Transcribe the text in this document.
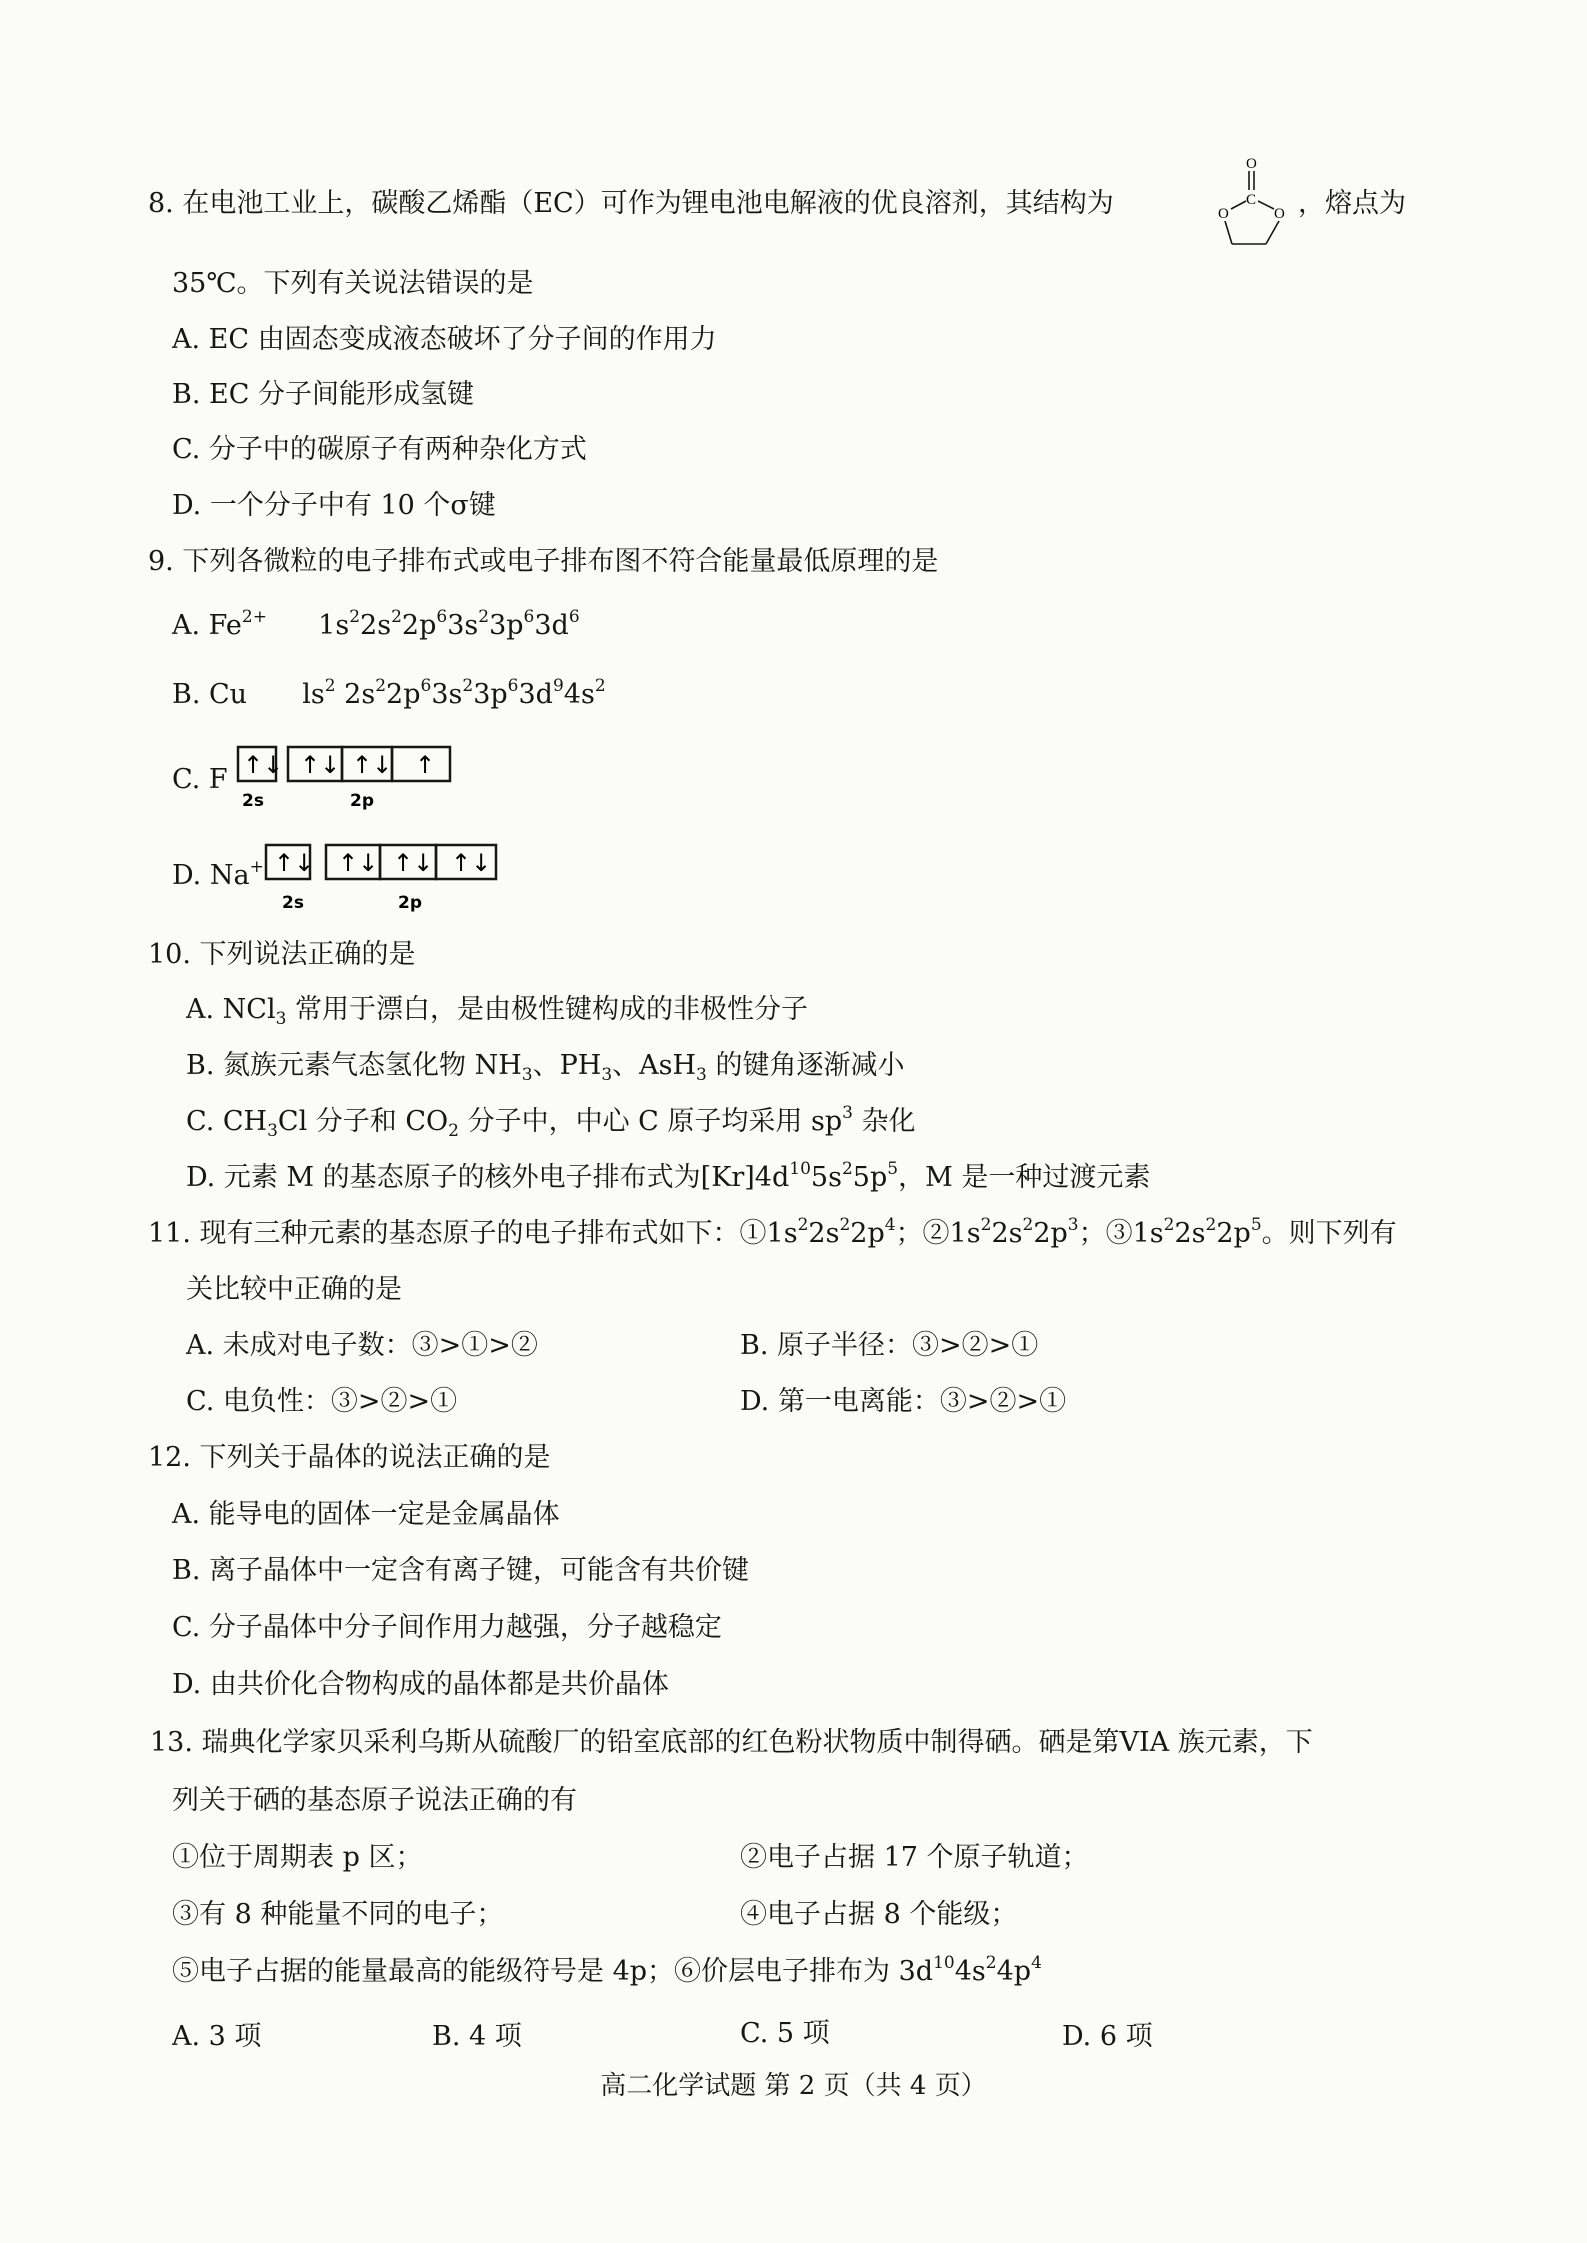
8. 在电池工业上，碳酸乙烯酯（EC）可作为锂电池电解液的优良溶剂，其结构为
O
C
O	O ，熔点为
35℃。下列有关说法错误的是
A. EC 由固态变成液态破坏了分子间的作用力
B. EC 分子间能形成氢键
C. 分子中的碳原子有两种杂化方式
D. 一个分子中有 10 个σ键
9. 下列各微粒的电子排布式或电子排布图不符合能量最低原理的是
A. $Fe^{2+}$ $1s^22s^22p^63s^23p^63d^6$
B. Cu $ls^2$ $2s^22p^63s^23p^63d^94s^2$
C. F ↑↓ ↑↓ ↑↓ ↑
2s	2p
D. Na+ ↑↓ ↑↓ ↑↓ ↑↓
2s	2p
10. 下列说法正确的是
A. NCl$_3$ 常用于漂白，是由极性键构成的非极性分子
B. 氮族元素气态氢化物 $NH_3$、$PH_3$、AsH$_3$ 的键角逐渐减小
C. $CH_3Cl$ 分子和 $CO_2$ 分子中，中心 C 原子均采用 $sp^3$ 杂化
D. 元素 M 的基态原子的核外电子排布式为$[Kr]4d^{10}5s^25p^5$，M 是一种过渡元素
11. 现有三种元素的基态原子的电子排布式如下：$①1s^22s^22p^4$；$②1s^22s^22p^3$；$③1s^22s^22p^5$。则下列有
关比较中正确的是
A. 未成对电子数：③>①>②	B. 原子半径：③>②>①
C. 电负性：③>②>①	D. 第一电离能：③>②>①
12. 下列关于晶体的说法正确的是
A. 能导电的固体一定是金属晶体
B. 离子晶体中一定含有离子键，可能含有共价键
C. 分子晶体中分子间作用力越强，分子越稳定
D. 由共价化合物构成的晶体都是共价晶体
13. 瑞典化学家贝采利乌斯从硫酸厂的铅室底部的红色粉状物质中制得硒。硒是第VIA 族元素，下
列关于硒的基态原子说法正确的有
①位于周期表 p 区；	②电子占据 17 个原子轨道；
③有 8 种能量不同的电子；	④电子占据 8 个能级；
⑤电子占据的能量最高的能级符号是 4p；⑥价层电子排布为 $3d^{10}4s^24p^4$
A. 3 项	B. 4 项	C. 5 项	D. 6 项
高二化学试题 第 2 页（共 4 页）
